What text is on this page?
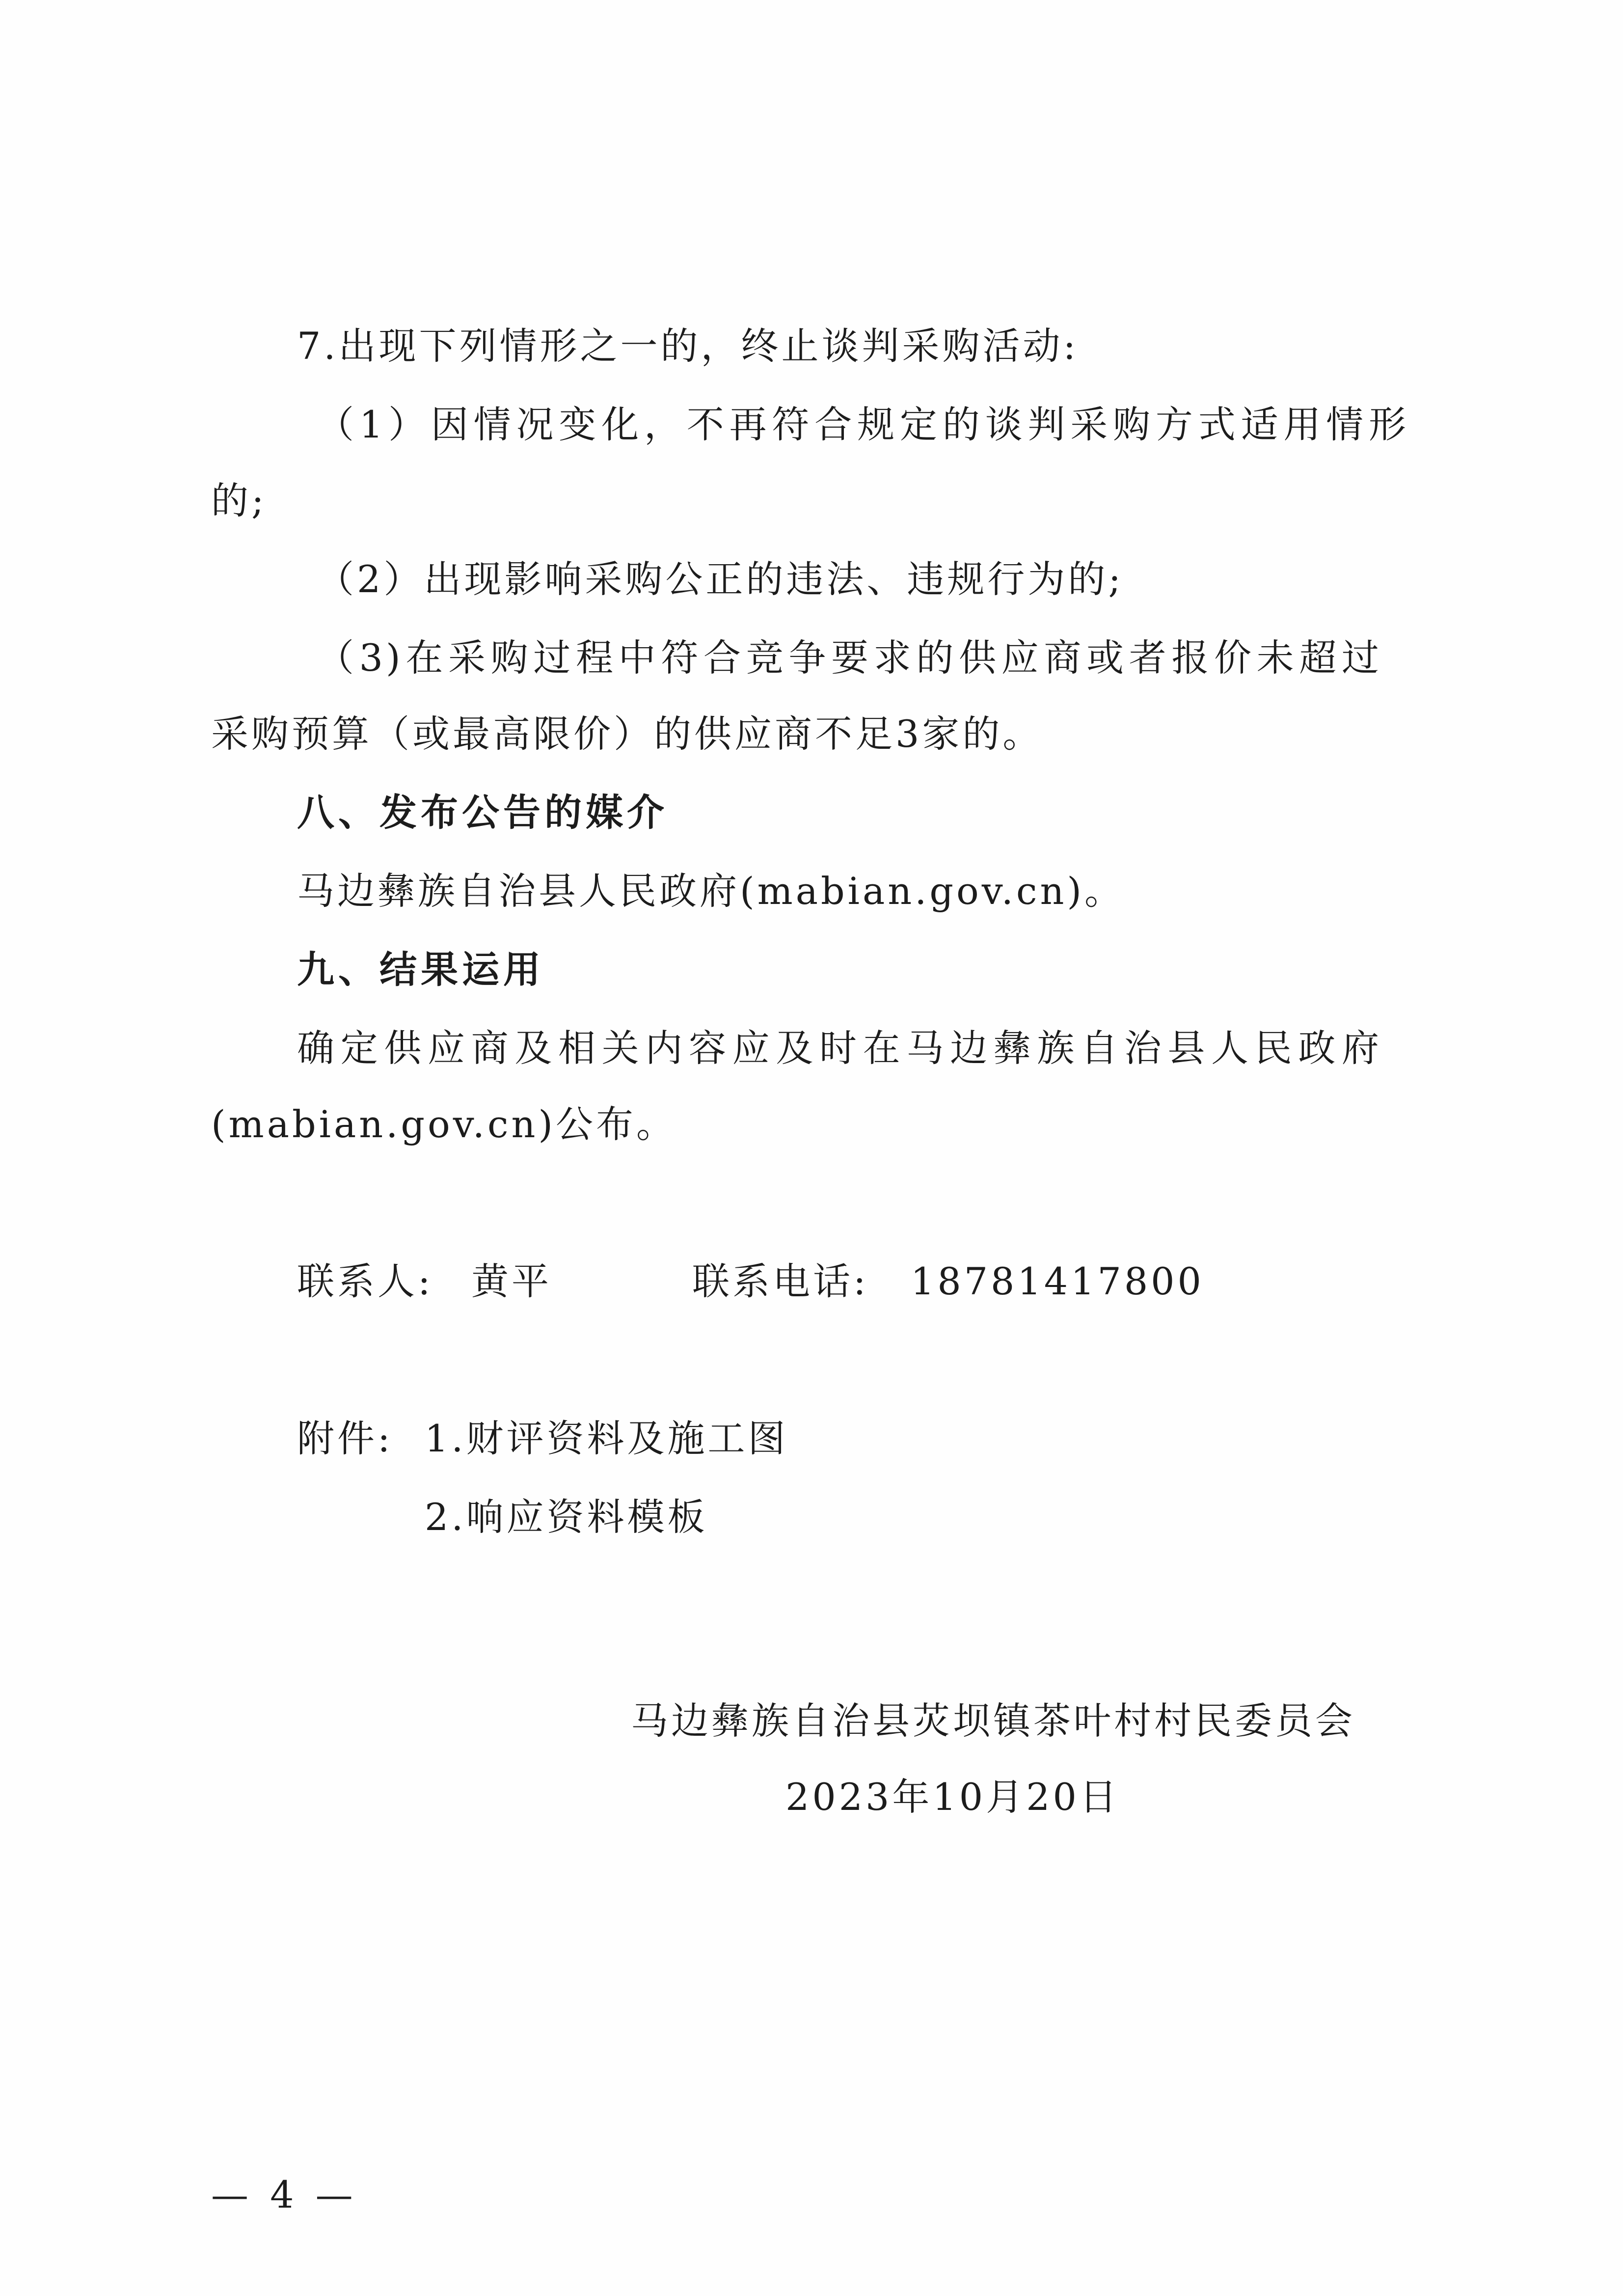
7.出现下列情形之一的，终止谈判采购活动:
（1）因情况变化，不再符合规定的谈判采购方式适用情形
的;
（2）出现影响采购公正的违法、违规行为的;
（3)在采购过程中符合竞争要求的供应商或者报价未超过
采购预算（或最高限价）的供应商不足3家的。
八、发布公告的媒介
马边彝族自治县人民政府(mabian.gov.cn)。
九、结果运用
确定供应商及相关内容应及时在马边彝族自治县人民政府
(mabian.gov.cn)公布。
联系人: 黄平	联系电话: 18781417800
附件: 1.财评资料及施工图
2.响应资料模板
马边彝族自治县苂坝镇茶叶村村民委员会
2023年10月20日
— 4 —
